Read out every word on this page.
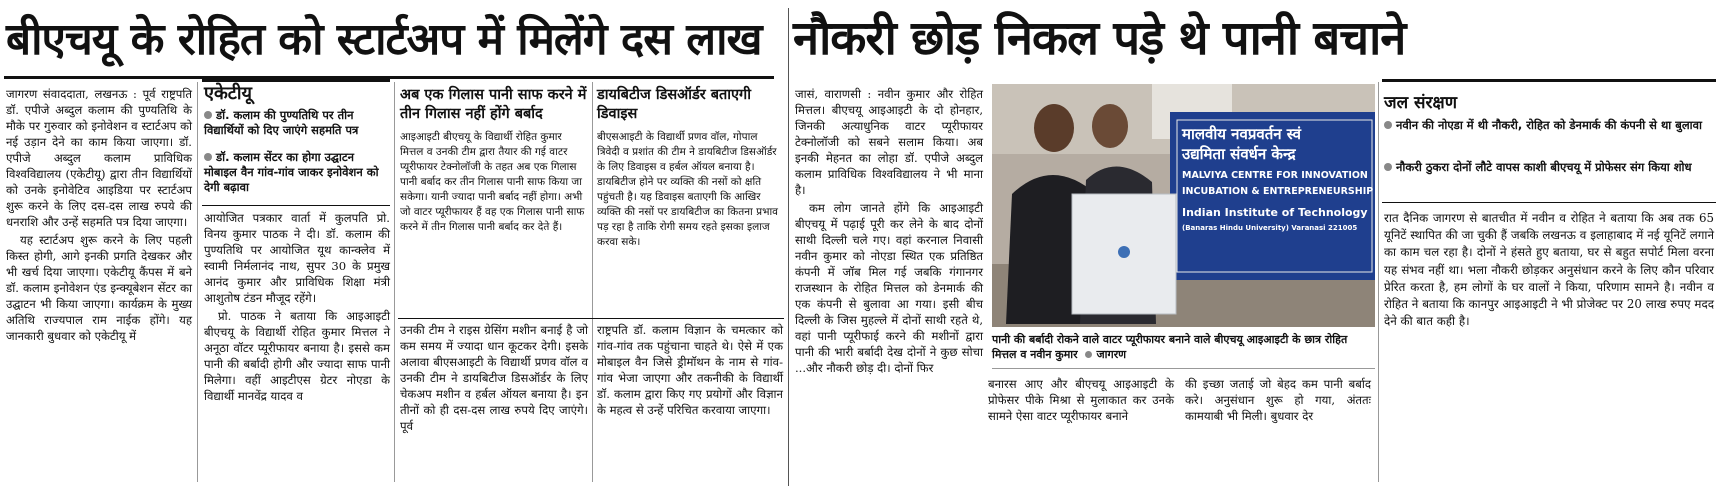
बीएचयू के रोहित को स्टार्टअप में मिलेंगे दस लाख

जागरण संवाददाता, लखनऊ : पूर्व राष्ट्रपति डॉ. एपीजे अब्दुल कलाम की पुण्यतिथि के मौके पर गुरुवार को इनोवेशन व स्टार्टअप को नई उड़ान देने का काम किया जाएगा। डॉ. एपीजे अब्दुल कलाम प्राविधिक विश्वविद्यालय (एकेटीयू) द्वारा तीन विद्यार्थियों को उनके इनोवेटिव आइडिया पर स्टार्टअप शुरू करने के लिए दस-दस लाख रुपये की धनराशि और उन्हें सहमति पत्र दिया जाएगा।

यह स्टार्टअप शुरू करने के लिए पहली किस्त होगी, आगे इनकी प्रगति देखकर और भी खर्च दिया जाएगा। एकेटीयू कैंपस में बने डॉ. कलाम इनोवेशन एंड इन्क्यूबेशन सेंटर का उद्घाटन भी किया जाएगा। कार्यक्रम के मुख्य अतिथि राज्यपाल राम नाईक होंगे। यह जानकारी बुधवार को एकेटीयू में

एकेटीयू
डॉ. कलाम की पुण्यतिथि पर तीन विद्यार्थियों को दिए जाएंगे सहमति पत्र
डॉ. कलाम सेंटर का होगा उद्घाटन मोबाइल वैन गांव-गांव जाकर इनोवेशन को देगी बढ़ावा

आयोजित पत्रकार वार्ता में कुलपति प्रो. विनय कुमार पाठक ने दी। डॉ. कलाम की पुण्यतिथि पर आयोजित यूथ कान्क्लेव में स्वामी निर्मलानंद नाथ, सुपर 30 के प्रमुख आनंद कुमार और प्राविधिक शिक्षा मंत्री आशुतोष टंडन मौजूद रहेंगे।

प्रो. पाठक ने बताया कि आइआइटी बीएचयू के विद्यार्थी रोहित कुमार मित्तल ने अनूठा वॉटर प्यूरीफायर बनाया है। इससे कम पानी की बर्बादी होगी और ज्यादा साफ पानी मिलेगा। वहीं आइटीएस ग्रेटर नोएडा के विद्यार्थी मानवेंद्र यादव व

अब एक गिलास पानी साफ करने में तीन गिलास नहीं होंगे बर्बाद
आइआइटी बीएचयू के विद्यार्थी रोहित कुमार मित्तल व उनकी टीम द्वारा तैयार की गई वाटर प्यूरीफायर टेक्नोलॉजी के तहत अब एक गिलास पानी बर्बाद कर तीन गिलास पानी साफ किया जा सकेगा। यानी ज्यादा पानी बर्बाद नहीं होगा। अभी जो वाटर प्यूरीफायर हैं वह एक गिलास पानी साफ करने में तीन गिलास पानी बर्बाद कर देते हैं।

उनकी टीम ने राइस ग्रेसिंग मशीन बनाई है जो कम समय में ज्यादा धान कूटकर देगी। इसके अलावा बीएसआइटी के विद्यार्थी प्रणव वॉल व उनकी टीम ने डायबिटीज डिसऑर्डर के लिए चेकअप मशीन व हर्बल ऑयल बनाया है। इन तीनों को ही दस-दस लाख रुपये दिए जाएंगे। पूर्व

डायबिटीज डिसऑर्डर बताएगी डिवाइस
बीएसआइटी के विद्यार्थी प्रणव वॉल, गोपाल त्रिवेदी व प्रशांत की टीम ने डायबिटीज डिसऑर्डर के लिए डिवाइस व हर्बल ऑयल बनाया है। डायबिटीज होने पर व्यक्ति की नसों को क्षति पहुंचती है। यह डिवाइस बताएगी कि आखिर व्यक्ति की नसों पर डायबिटीज का कितना प्रभाव पड़ रहा है ताकि रोगी समय रहते इसका इलाज करवा सके।

राष्ट्रपति डॉ. कलाम विज्ञान के चमत्कार को गांव-गांव तक पहुंचाना चाहते थे। ऐसे में एक मोबाइल वैन जिसे ड्रीमॉथन के नाम से गांव-गांव भेजा जाएगा और तकनीकी के विद्यार्थी डॉ. कलाम द्वारा किए गए प्रयोगों और विज्ञान के महत्व से उन्हें परिचित करवाया जाएगा।

नौकरी छोड़ निकल पड़े थे पानी बचाने

जासं, वाराणसी : नवीन कुमार और रोहित मित्तल। बीएचयू आइआइटी के दो होनहार, जिनकी अत्याधुनिक वाटर प्यूरीफायर टेक्नोलॉजी को सबने सलाम किया। अब इनकी मेहनत का लोहा डॉ. एपीजे अब्दुल कलाम प्राविधिक विश्वविद्यालय ने भी माना है।

कम लोग जानते होंगे कि आइआइटी बीएचयू में पढ़ाई पूरी कर लेने के बाद दोनों साथी दिल्ली चले गए। वहां करनाल निवासी नवीन कुमार को नोएडा स्थित एक प्रतिष्ठित कंपनी में जॉब मिल गई जबकि गंगानगर राजस्थान के रोहित मित्तल को डेनमार्क की एक कंपनी से बुलावा आ गया। इसी बीच दिल्ली के जिस मुहल्ले में दोनों साथी रहते थे, वहां पानी प्यूरीफाई करने की मशीनों द्वारा पानी की भारी बर्बादी देख दोनों ने कुछ सोचा ...और नौकरी छोड़ दी। दोनों फिर

मालवीय नवप्रवर्तन स्वं
उद्यमिता संवर्धन केन्द्र
MALVIYA CENTRE FOR INNOVATION
INCUBATION & ENTREPRENEURSHIP
Indian Institute of Technology
(Banaras Hindu University) Varanasi 221005
पानी की बर्बादी रोकने वाले वाटर प्यूरीफायर बनाने वाले बीएचयू आइआइटी के छात्र रोहित मित्तल व नवीन कुमार जागरण

बनारस आए और बीएचयू आइआइटी के प्रोफेसर पीके मिश्रा से मुलाकात कर उनके सामने ऐसा वाटर प्यूरीफायर बनाने

की इच्छा जताई जो बेहद कम पानी बर्बाद करे। अनुसंधान शुरू हो गया, अंततः कामयाबी भी मिली। बुधवार देर

जल संरक्षण
नवीन की नोएडा में थी नौकरी, रोहित को डेनमार्क की कंपनी से था बुलावा
नौकरी ठुकरा दोनों लौटे वापस काशी बीएचयू में प्रोफेसर संग किया शोध

रात दैनिक जागरण से बातचीत में नवीन व रोहित ने बताया कि अब तक 65 यूनिटें स्थापित की जा चुकी हैं जबकि लखनऊ व इलाहाबाद में नई यूनिटें लगाने का काम चल रहा है। दोनों ने हंसते हुए बताया, घर से बहुत सपोर्ट मिला वरना यह संभव नहीं था। भला नौकरी छोड़कर अनुसंधान करने के लिए कौन परिवार प्रेरित करता है, हम लोगों के घर वालों ने किया, परिणाम सामने है। नवीन व रोहित ने बताया कि कानपुर आइआइटी ने भी प्रोजेक्ट पर 20 लाख रुपए मदद देने की बात कही है।
